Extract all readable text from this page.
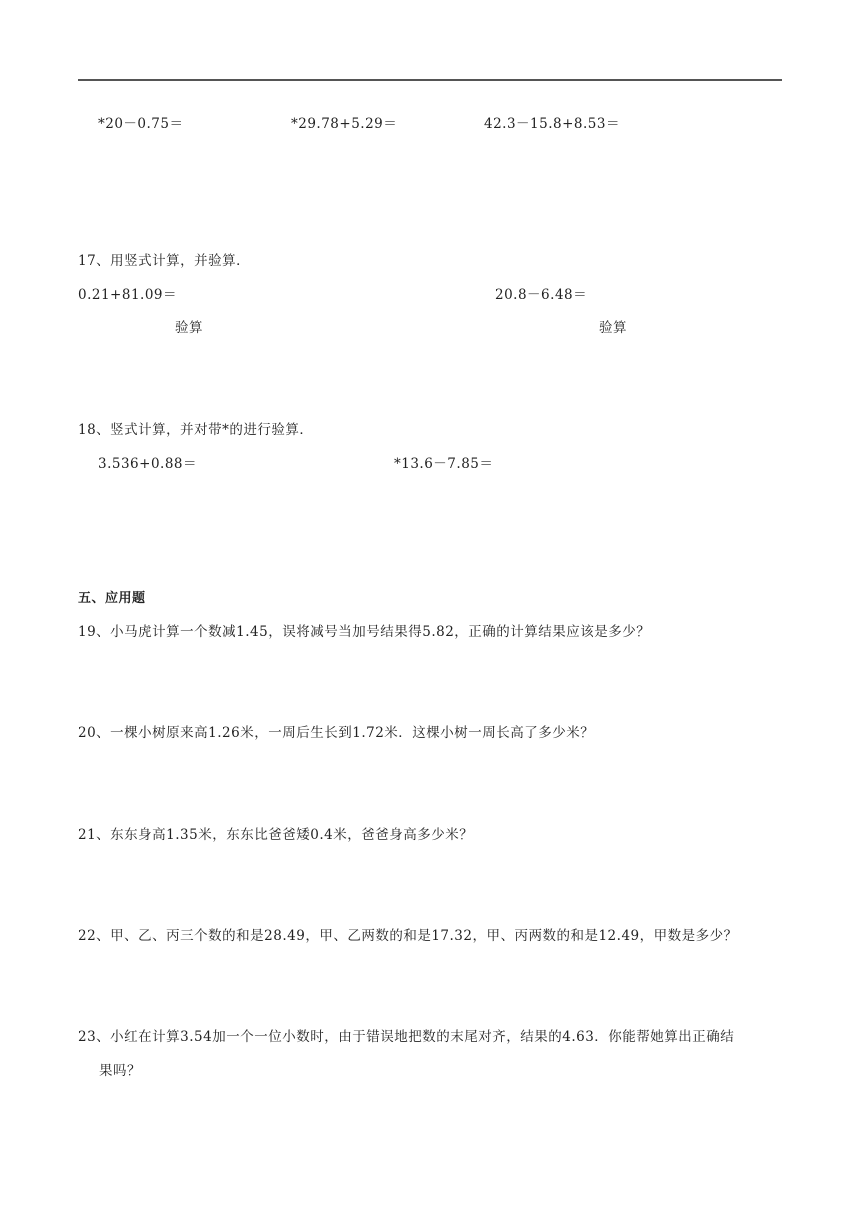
*20－0.75＝	*29.78+5.29＝	42.3－15.8+8.53＝
17、用竖式计算，并验算．
0.21+81.09＝	20.8－6.48＝
验算	验算
18、竖式计算，并对带*的进行验算．
3.536+0.88＝	*13.6－7.85＝
五、应用题
19、小马虎计算一个数减1.45，误将减号当加号结果得5.82，正确的计算结果应该是多少？
20、一棵小树原来高1.26米，一周后生长到1.72米．这棵小树一周长高了多少米？
21、东东身高1.35米，东东比爸爸矮0.4米，爸爸身高多少米？
22、甲、乙、丙三个数的和是28.49，甲、乙两数的和是17.32，甲、丙两数的和是12.49，甲数是多少？
23、小红在计算3.54加一个一位小数时，由于错误地把数的末尾对齐，结果的4.63．你能帮她算出正确结
果吗？
